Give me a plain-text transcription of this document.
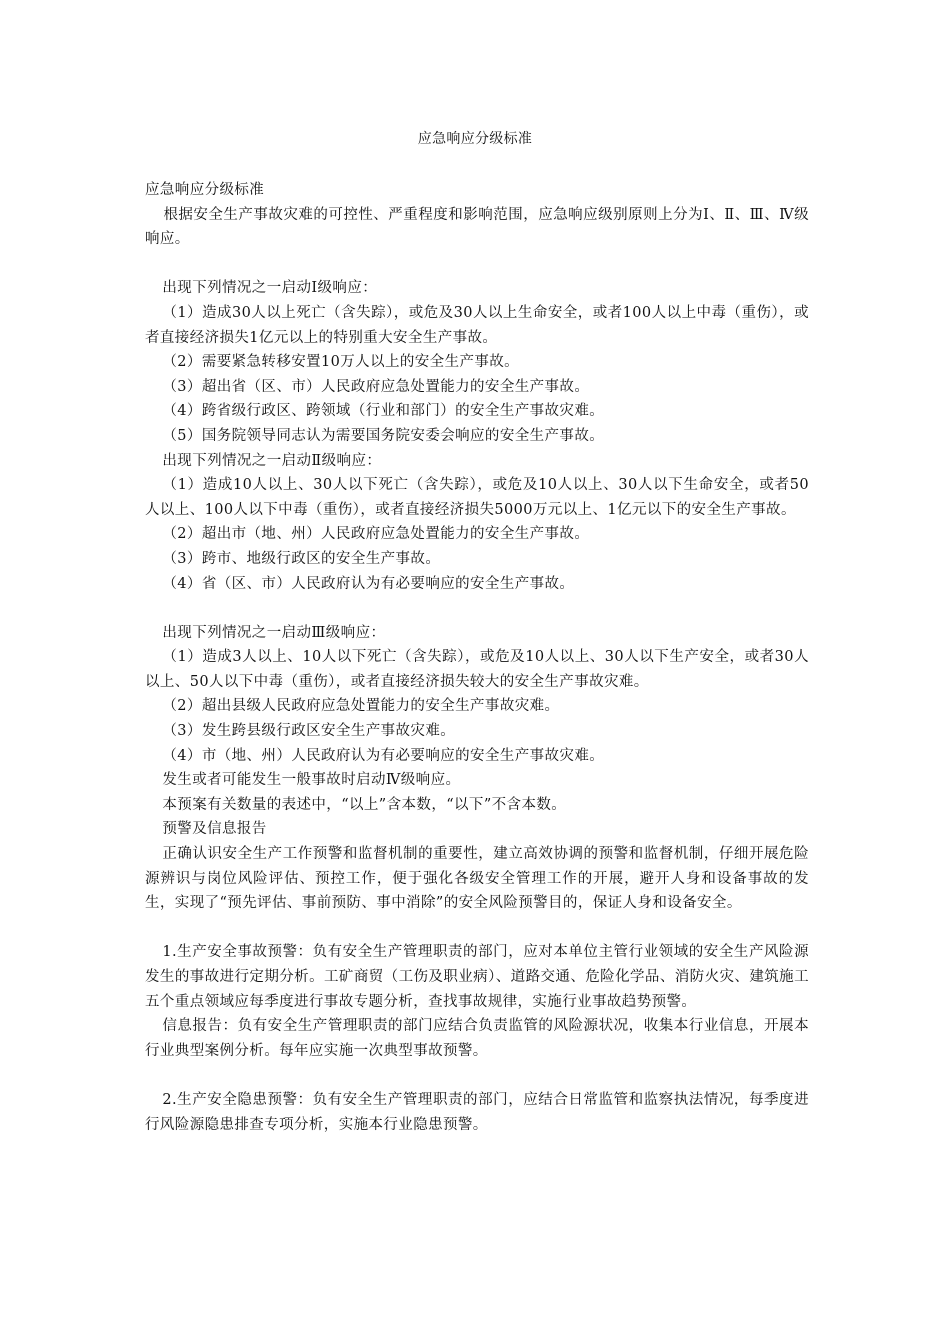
应急响应分级标准

应急响应分级标准

根据安全生产事故灾难的可控性、严重程度和影响范围，应急响应级别原则上分为Ⅰ、Ⅱ、Ⅲ、Ⅳ级响应。

出现下列情况之一启动Ⅰ级响应：

（1）造成30人以上死亡（含失踪），或危及30人以上生命安全，或者100人以上中毒（重伤），或者直接经济损失1亿元以上的特别重大安全生产事故。

（2）需要紧急转移安置10万人以上的安全生产事故。

（3）超出省（区、市）人民政府应急处置能力的安全生产事故。

（4）跨省级行政区、跨领域（行业和部门）的安全生产事故灾难。

（5）国务院领导同志认为需要国务院安委会响应的安全生产事故。

出现下列情况之一启动Ⅱ级响应：

（1）造成10人以上、30人以下死亡（含失踪），或危及10人以上、30人以下生命安全，或者50人以上、100人以下中毒（重伤），或者直接经济损失5000万元以上、1亿元以下的安全生产事故。

（2）超出市（地、州）人民政府应急处置能力的安全生产事故。

（3）跨市、地级行政区的安全生产事故。

（4）省（区、市）人民政府认为有必要响应的安全生产事故。

出现下列情况之一启动Ⅲ级响应：

（1）造成3人以上、10人以下死亡（含失踪），或危及10人以上、30人以下生产安全，或者30人以上、50人以下中毒（重伤），或者直接经济损失较大的安全生产事故灾难。

（2）超出县级人民政府应急处置能力的安全生产事故灾难。

（3）发生跨县级行政区安全生产事故灾难。

（4）市（地、州）人民政府认为有必要响应的安全生产事故灾难。

发生或者可能发生一般事故时启动Ⅳ级响应。

本预案有关数量的表述中，“以上”含本数，“以下”不含本数。

预警及信息报告

正确认识安全生产工作预警和监督机制的重要性，建立高效协调的预警和监督机制，仔细开展危险源辨识与岗位风险评估、预控工作，便于强化各级安全管理工作的开展，避开人身和设备事故的发生，实现了“预先评估、事前预防、事中消除”的安全风险预警目的，保证人身和设备安全。

1.生产安全事故预警：负有安全生产管理职责的部门，应对本单位主管行业领域的安全生产风险源发生的事故进行定期分析。工矿商贸（工伤及职业病）、道路交通、危险化学品、消防火灾、建筑施工五个重点领域应每季度进行事故专题分析，查找事故规律，实施行业事故趋势预警。

信息报告：负有安全生产管理职责的部门应结合负责监管的风险源状况，收集本行业信息，开展本行业典型案例分析。每年应实施一次典型事故预警。

2.生产安全隐患预警：负有安全生产管理职责的部门，应结合日常监管和监察执法情况，每季度进行风险源隐患排查专项分析，实施本行业隐患预警。
